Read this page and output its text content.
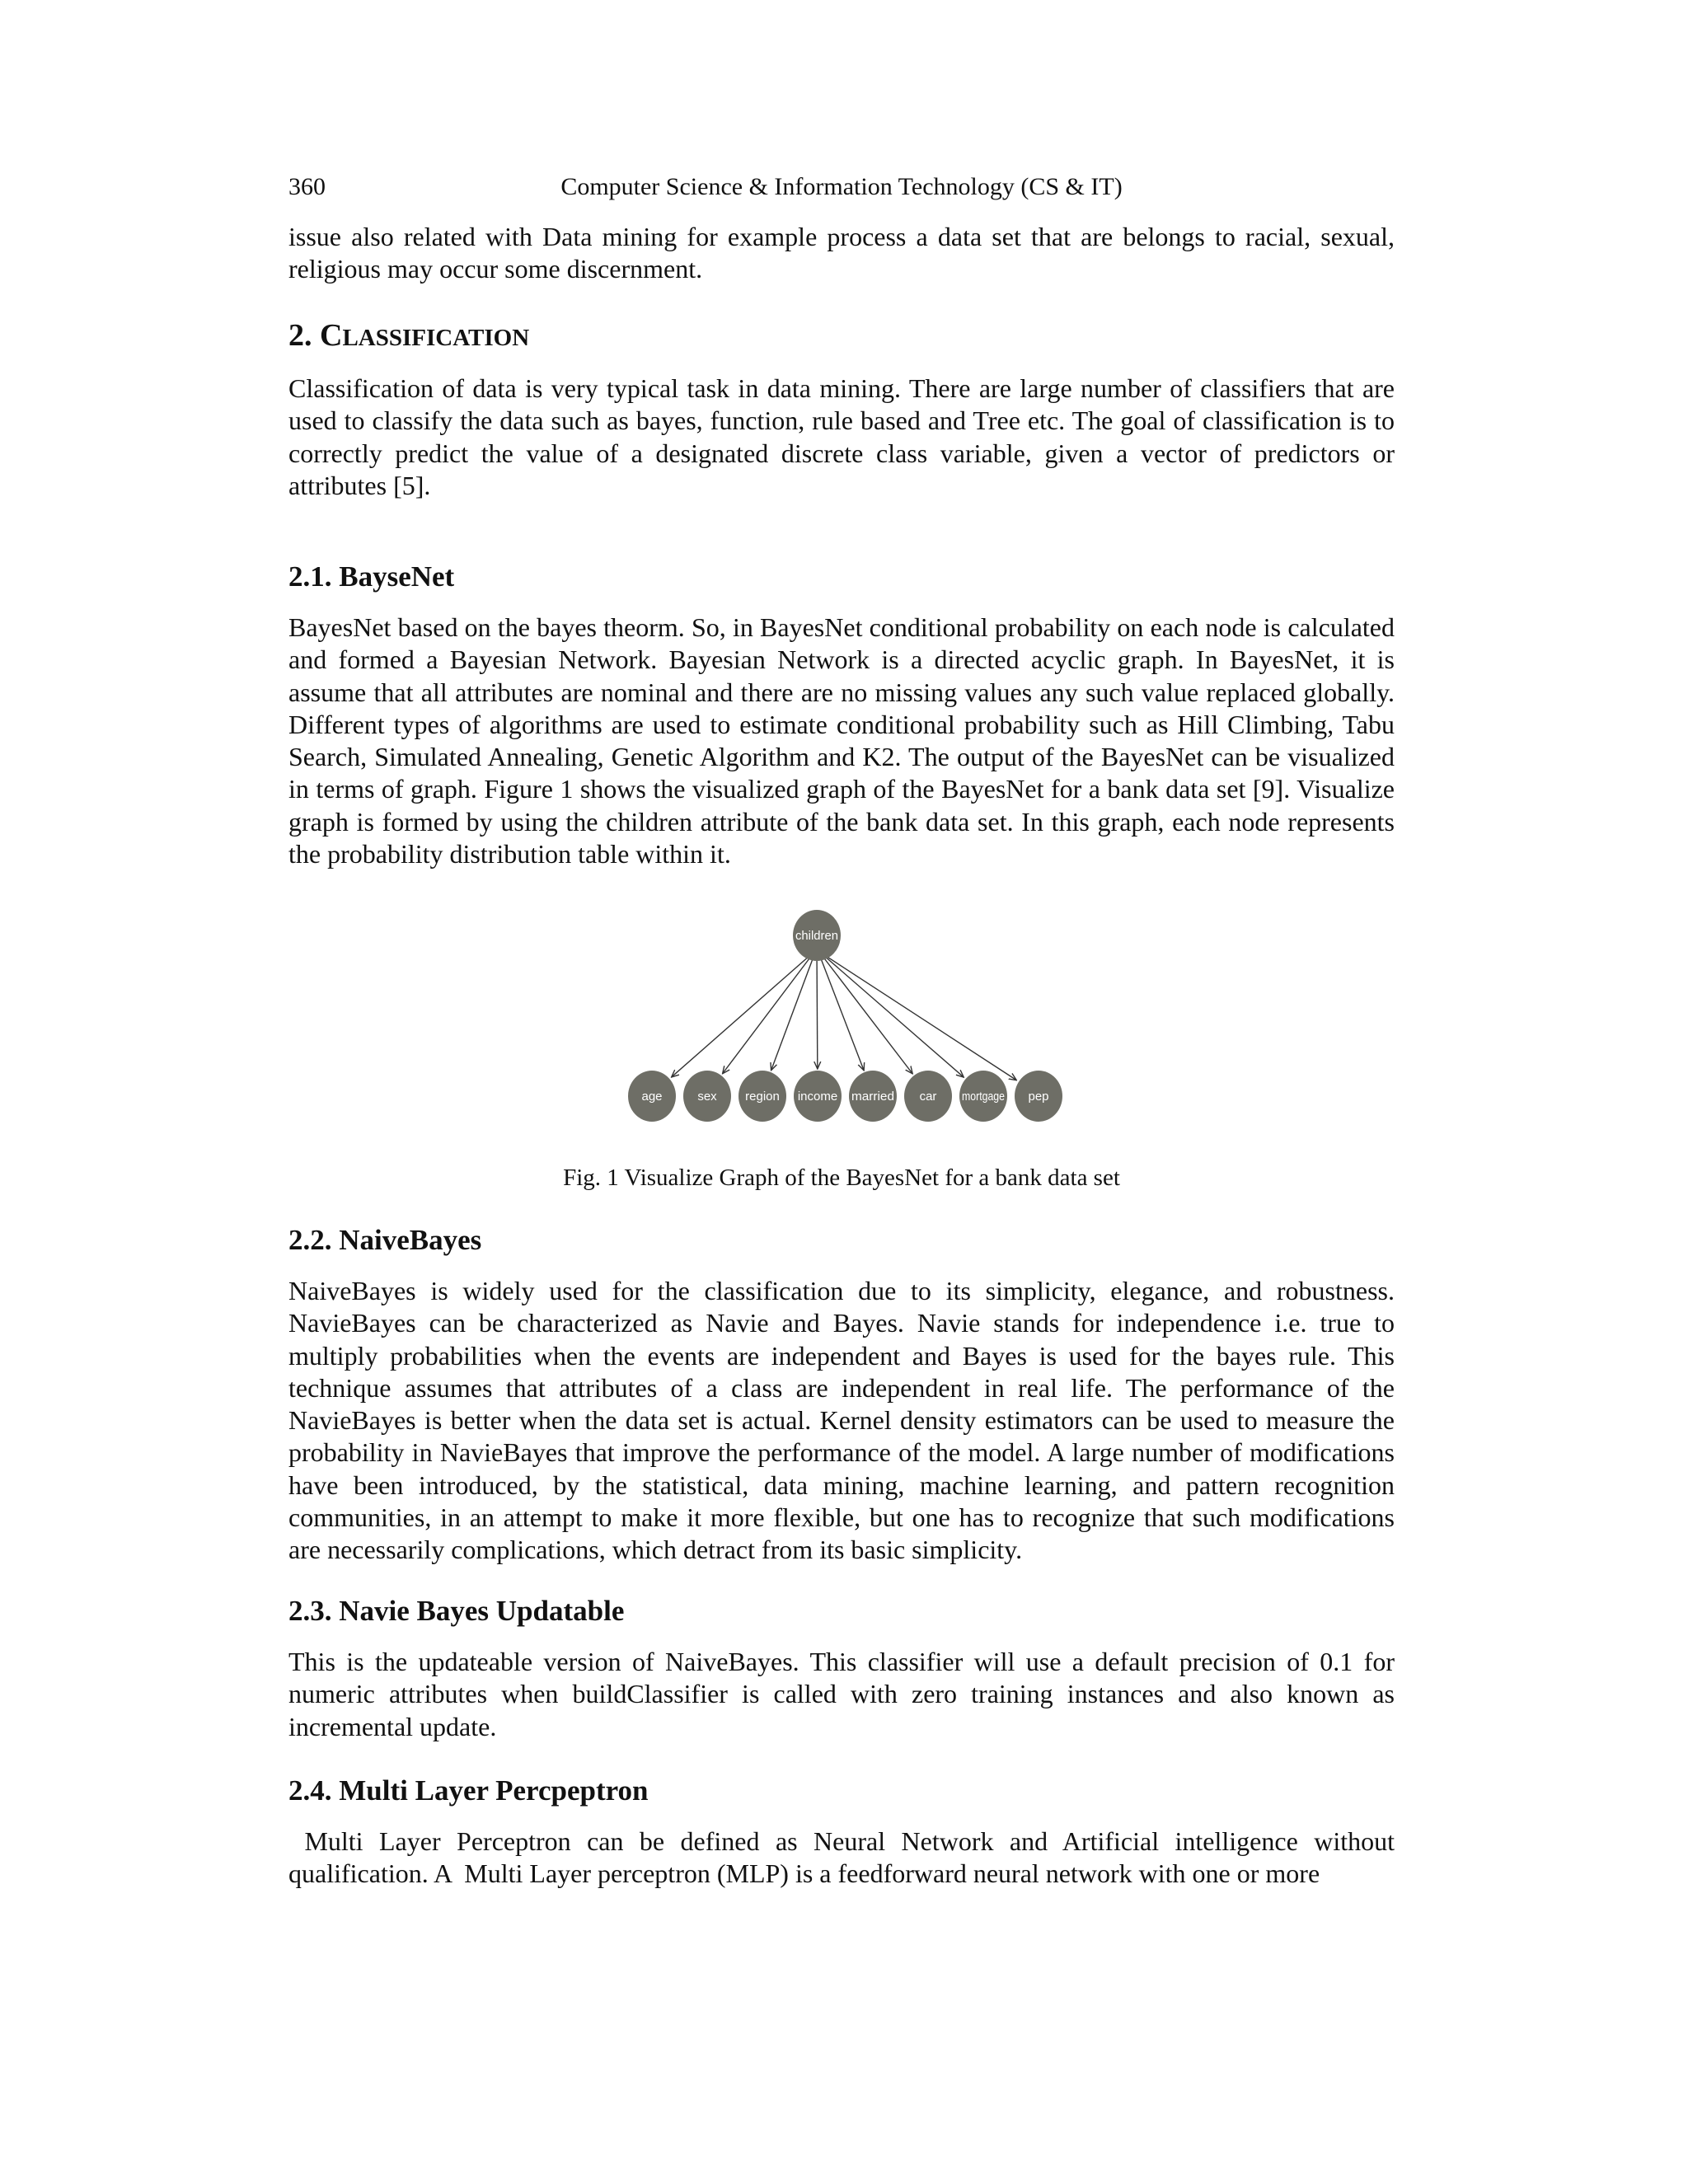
360	Computer Science & Information Technology (CS & IT)

issue also related with Data mining for example process a data set that are belongs to racial, sexual, religious may occur some discernment.

2. CLASSIFICATION

Classification of data is very typical task in data mining. There are large number of classifiers that are used to classify the data such as bayes, function, rule based and Tree etc. The goal of classification is to correctly predict the value of a designated discrete class variable, given a vector of predictors or attributes [5].

2.1. BayseNet

BayesNet based on the bayes theorm. So, in BayesNet conditional probability on each node is calculated and formed a Bayesian Network. Bayesian Network is a directed acyclic graph. In BayesNet, it is assume that all attributes are nominal and there are no missing values any such value replaced globally. Different types of algorithms are used to estimate conditional probability such as Hill Climbing, Tabu Search, Simulated Annealing, Genetic Algorithm and K2. The output of the BayesNet can be visualized in terms of graph. Figure 1 shows the visualized graph of the BayesNet for a bank data set [9]. Visualize graph is formed by using the children attribute of the bank data set. In this graph, each node represents the probability distribution table within it.

age	sex region income married car mortgage pep
children

Fig. 1 Visualize Graph of the BayesNet for a bank data set

2.2. NaiveBayes

NaiveBayes is widely used for the classification due to its simplicity, elegance, and robustness. NavieBayes can be characterized as Navie and Bayes. Navie stands for independence i.e. true to multiply probabilities when the events are independent and Bayes is used for the bayes rule. This technique assumes that attributes of a class are independent in real life. The performance of the NavieBayes is better when the data set is actual. Kernel density estimators can be used to measure the probability in NavieBayes that improve the performance of the model. A large number of modifications have been introduced, by the statistical, data mining, machine learning, and pattern recognition communities, in an attempt to make it more flexible, but one has to recognize that such modifications are necessarily complications, which detract from its basic simplicity.

2.3. Navie Bayes Updatable

This is the updateable version of NaiveBayes. This classifier will use a default precision of 0.1 for numeric attributes when buildClassifier is called with zero training instances and also known as incremental update.

2.4. Multi Layer Percpeptron

Multi Layer Perceptron can be defined as Neural Network and Artificial intelligence without qualification. A  Multi Layer perceptron (MLP) is a feedforward neural network with one or more
